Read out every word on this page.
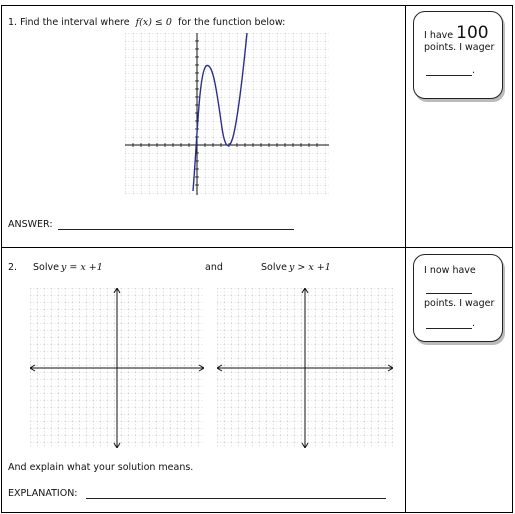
1. Find the interval where f(x) ≤ 0 for the function below:
ANSWER:
I have 100
points. I wager
.
2. Solve y = x +1	and	Solve y > x +1
And explain what your solution means.
EXPLANATION:
I now have
points. I wager
.
